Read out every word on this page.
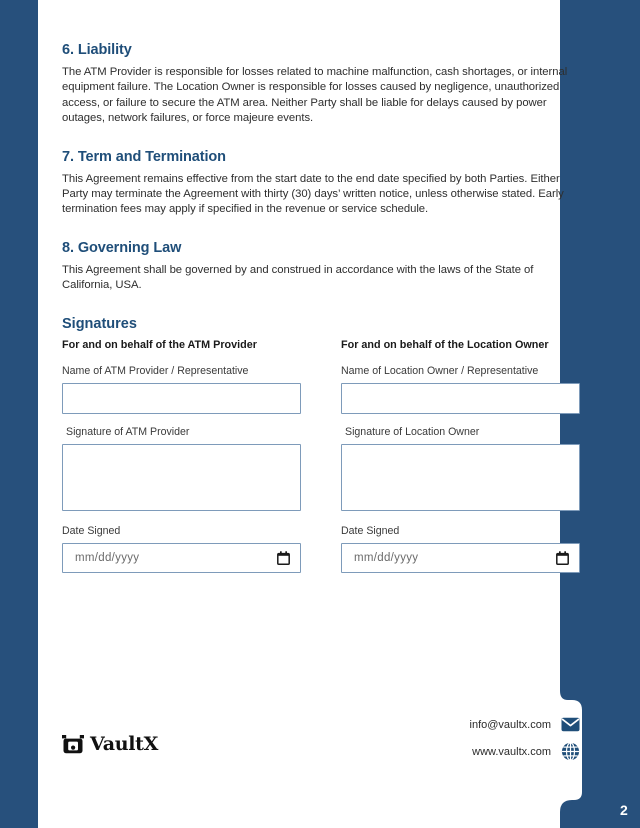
2
6. Liability

The ATM Provider is responsible for losses related to machine malfunction, cash shortages, or internal equipment failure. The Location Owner is responsible for losses caused by negligence, unauthorized access, or failure to secure the ATM area. Neither Party shall be liable for delays caused by power outages, network failures, or force majeure events.

7. Term and Termination

This Agreement remains effective from the start date to the end date specified by both Parties. Either Party may terminate the Agreement with thirty (30) days’ written notice, unless otherwise stated. Early termination fees may apply if specified in the revenue or service schedule.

8. Governing Law

This Agreement shall be governed by and construed in accordance with the laws of the State of California, USA.

Signatures
For and on behalf of the ATM Provider
Name of ATM Provider / Representative
Signature of ATM Provider
Date Signed
mm/dd/yyyy
For and on behalf of the Location Owner
Name of Location Owner / Representative
Signature of Location Owner
Date Signed
mm/dd/yyyy
VaultX
info@vaultx.com
www.vaultx.com
